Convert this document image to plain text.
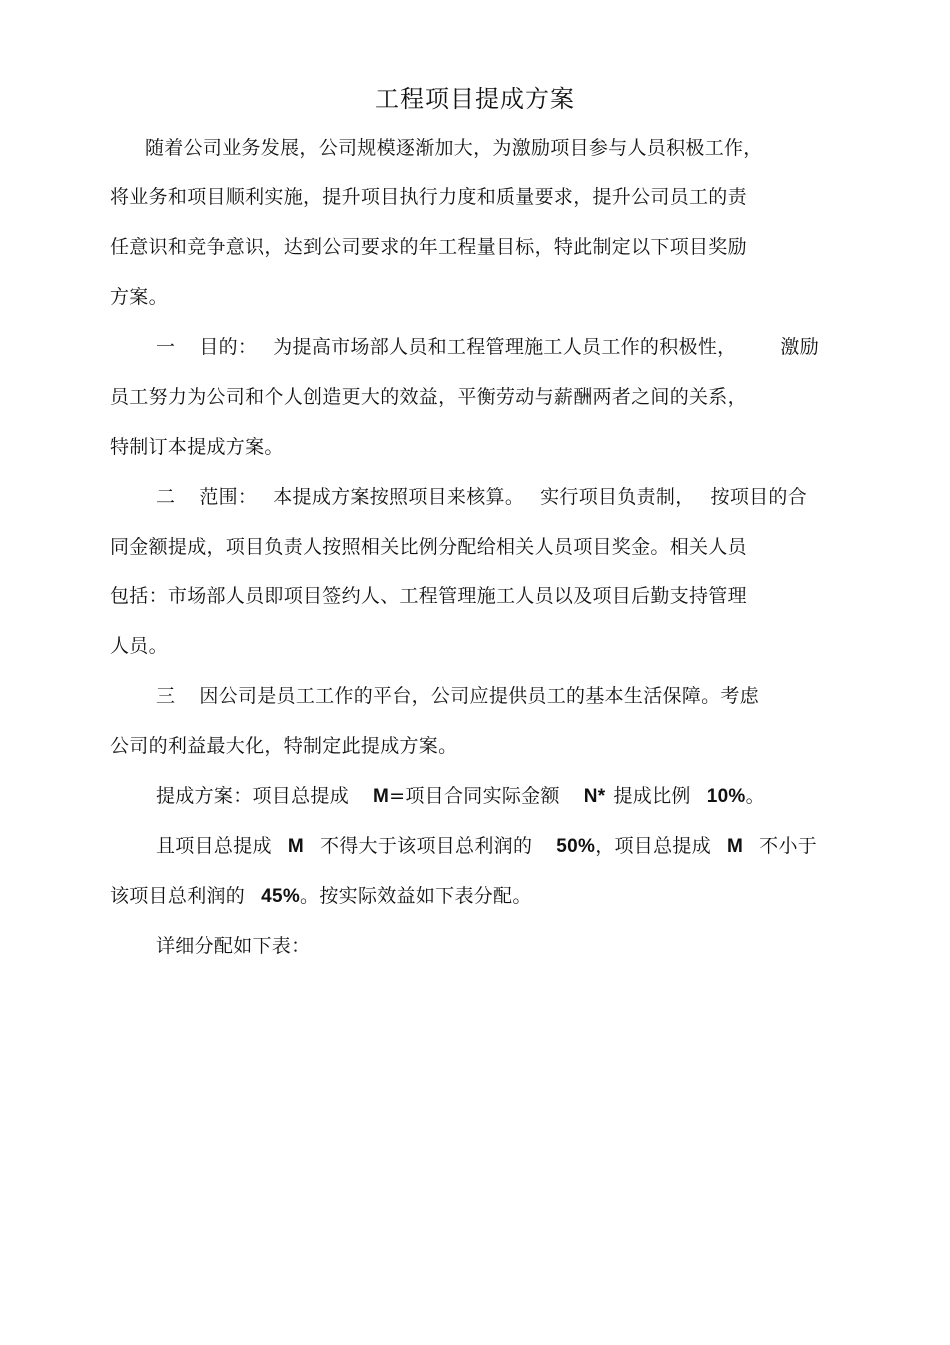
工程项目提成方案
随着公司业务发展，公司规模逐渐加大，为激励项目参与人员积极工作，
将业务和项目顺利实施，提升项目执行力度和质量要求，提升公司员工的责
任意识和竞争意识，达到公司要求的年工程量目标，特此制定以下项目奖励
方案。
一 目的： 为提高市场部人员和工程管理施工人员工作的积极性， 激励
员工努力为公司和个人创造更大的效益，平衡劳动与薪酬两者之间的关系，
特制订本提成方案。
二 范围： 本提成方案按照项目来核算。 实行项目负责制， 按项目的合
同金额提成，项目负责人按照相关比例分配给相关人员项目奖金。相关人员
包括：市场部人员即项目签约人、工程管理施工人员以及项目后勤支持管理
人员。
三 因公司是员工工作的平台，公司应提供员工的基本生活保障。考虑
公司的利益最大化，特制定此提成方案。
提成方案：项目总提成 M=项目合同实际金额 N* 提成比例 10%。
且项目总提成 M 不得大于该项目总利润的 50%，项目总提成 M 不小于
该项目总利润的 45%。按实际效益如下表分配。
详细分配如下表：
